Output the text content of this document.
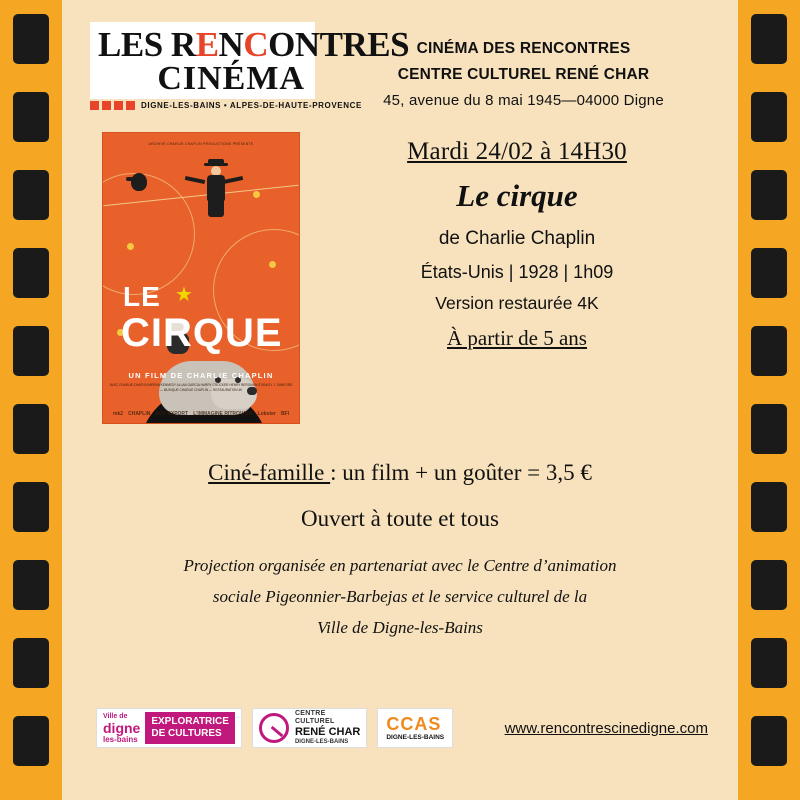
LES RENCONTRES
CINÉMA
DIGNE-LES-BAINS • ALPES-DE-HAUTE-PROVENCE
CINÉMA DES RENCONTRES
CENTRE CULTUREL RENÉ CHAR
45, avenue du 8 mai 1945—04000 Digne
ARCHIVE CHARLIE CHAPLIN PRODUCTIONS PRÉSENTE
LE ★
CIRQUE
UN FILM DE CHARLIE CHAPLIN
AVEC CHARLIE CHAPLIN MERNA KENNEDY ALLAN GARCIA HARRY CROCKER HENRY BERGMAN STANLEY J. SANFORD — MUSIQUE CHARLIE CHAPLIN — RESTAURATION 4K
mk2 CHAPLIN ROY EXPORT L'IMMAGINE RITROVATA Lobster BFI
Mardi 24/02 à 14H30
Le cirque
de Charlie Chaplin
États-Unis | 1928 | 1h09
Version restaurée 4K
À partir de 5 ans
Ciné-famille : un film + un goûter = 3,5 €
Ouvert à toute et tous
Projection organisée en partenariat avec le Centre d’animation
sociale Pigeonnier-Barbejas et le service culturel de la
Ville de Digne-les-Bains
Ville de
digne
les-bains
EXPLORATRICE
DE CULTURES
CENTRE
CULTUREL
RENÉ CHAR
DIGNE-LES-BAINS
CCAS
DIGNE-LES-BAINS
www.rencontrescinedigne.com
